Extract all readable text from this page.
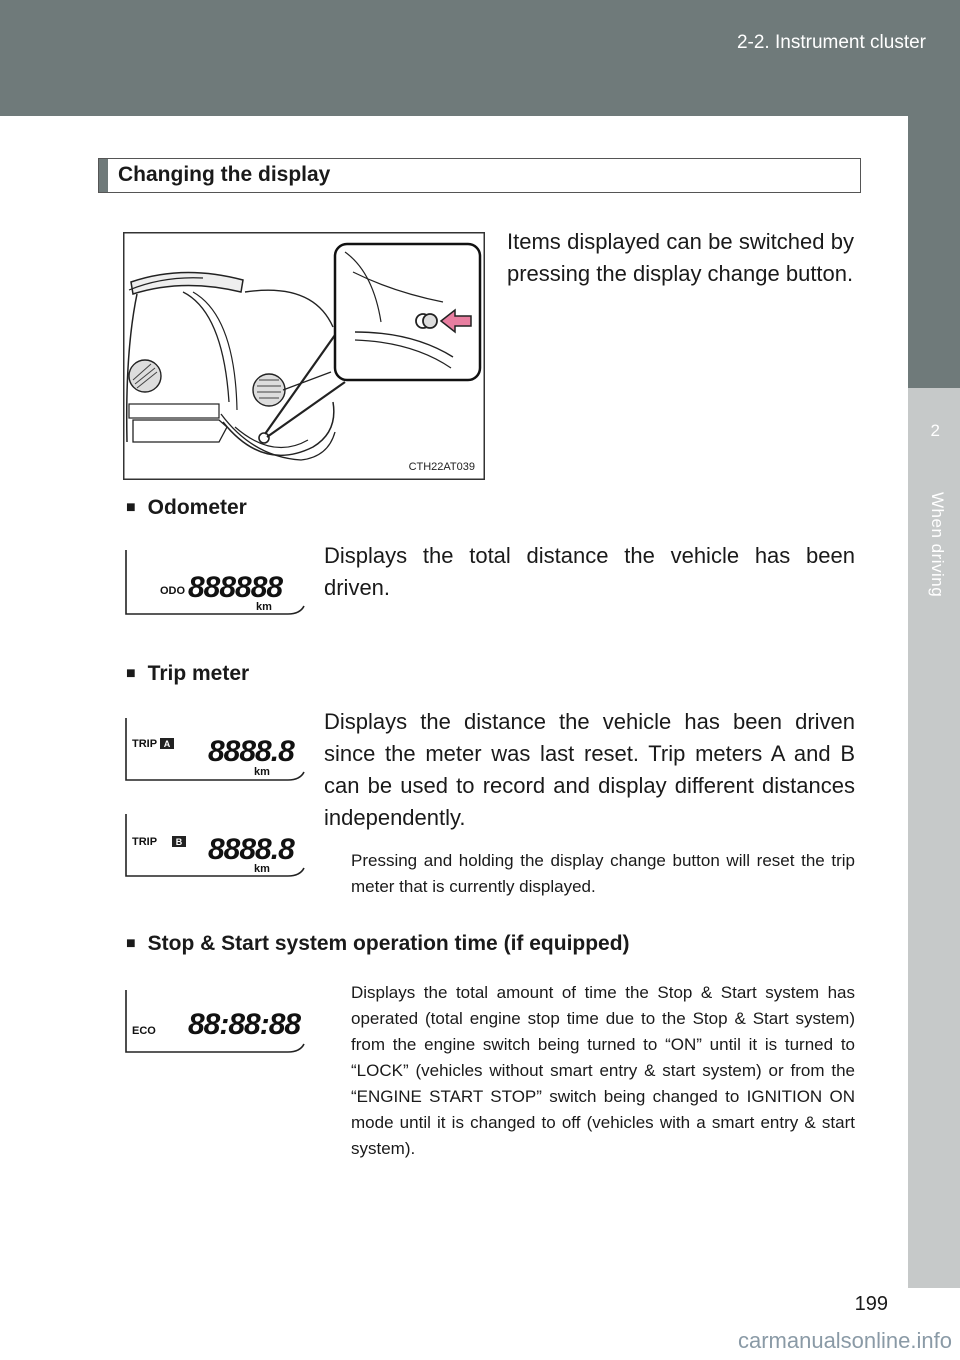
2-2. Instrument cluster
2
When driving
Changing the display
CTH22AT039
Items displayed can be switched by pressing the display change button.
■ Odometer
ODO 888888
km
Displays the total distance the vehicle has been driven.
■ Trip meter
TRIP A 8888.8
km
TRIP B 8888.8
km
Displays the distance the vehicle has been driven since the meter was last reset. Trip meters A and B can be used to record and display different distances independently.
Pressing and holding the display change button will reset the trip meter that is currently displayed.
■ Stop & Start system operation time (if equipped)
ECO 88:88:88
Displays the total amount of time the Stop & Start system has operated (total engine stop time due to the Stop & Start system) from the engine switch being turned to “ON” until it is turned to “LOCK” (vehicles without smart entry & start system) or from the “ENGINE START STOP” switch being changed to IGNITION ON mode until it is changed to off (vehicles with a smart entry & start system).
199
carmanualsonline.info
